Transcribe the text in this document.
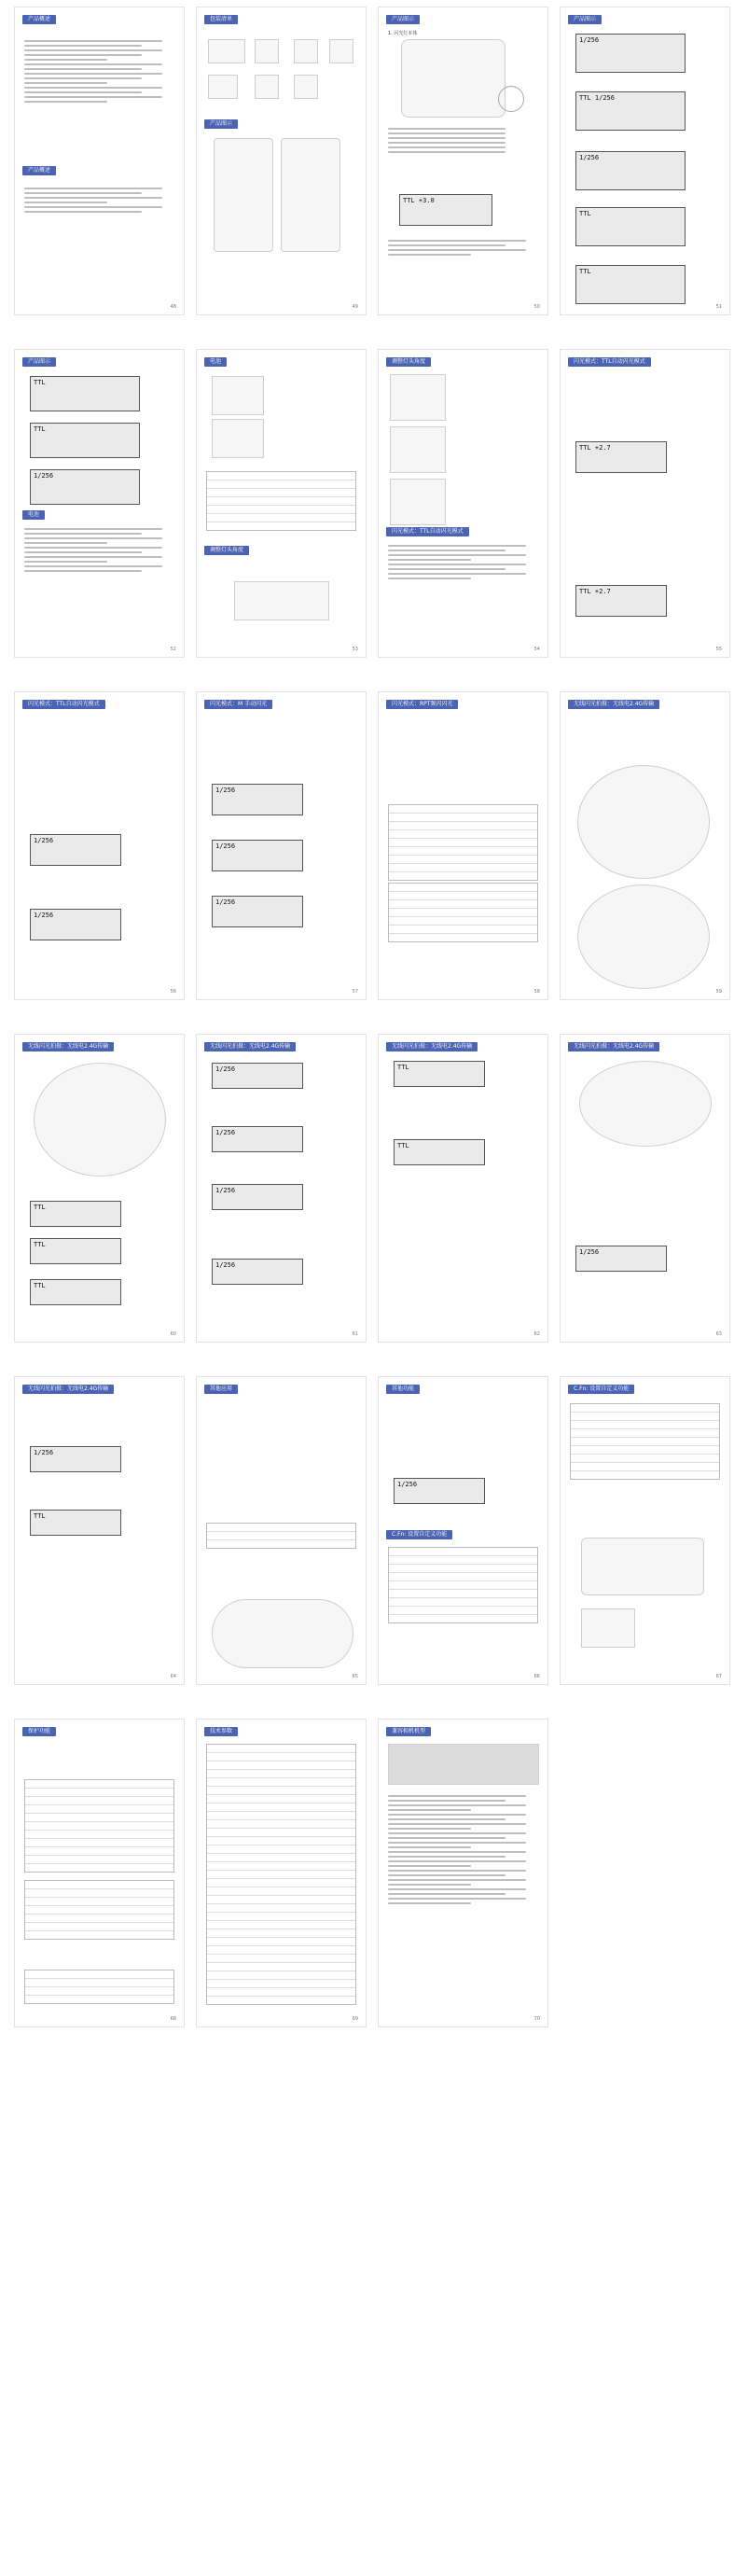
产品概述
产品概述
48
包装清单
产品图示
49
产品图示
1. 闪光灯本体
TTL +3.0
50
产品图示
1/256
TTL 1/256
1/256
TTL
TTL
51
产品图示
TTL
TTL
1/256
电池
52
电池
调整灯头角度
53
调整灯头角度
闪光模式：TTL自动闪光模式
54
闪光模式：TTL自动闪光模式
TTL +2.7
TTL +2.7
55
闪光模式：TTL自动闪光模式
1/256
1/256
56
闪光模式：M 手动闪光
1/256
1/256
1/256
57
闪光模式：RPT频闪闪光
58
无线闪光拍摄：无线电2.4G传输
59
无线闪光拍摄：无线电2.4G传输
TTL
TTL
TTL
60
无线闪光拍摄：无线电2.4G传输
1/256
1/256
1/256
1/256
61
无线闪光拍摄：无线电2.4G传输
TTL
TTL
62
无线闪光拍摄：无线电2.4G传输
1/256
63
无线闪光拍摄：无线电2.4G传输
1/256
TTL
64
其他应用
65
其他功能
1/256
C.Fn: 设置自定义功能
66
C.Fn: 设置自定义功能
67
保护功能
68
技术参数
69
兼容相机机型
70
